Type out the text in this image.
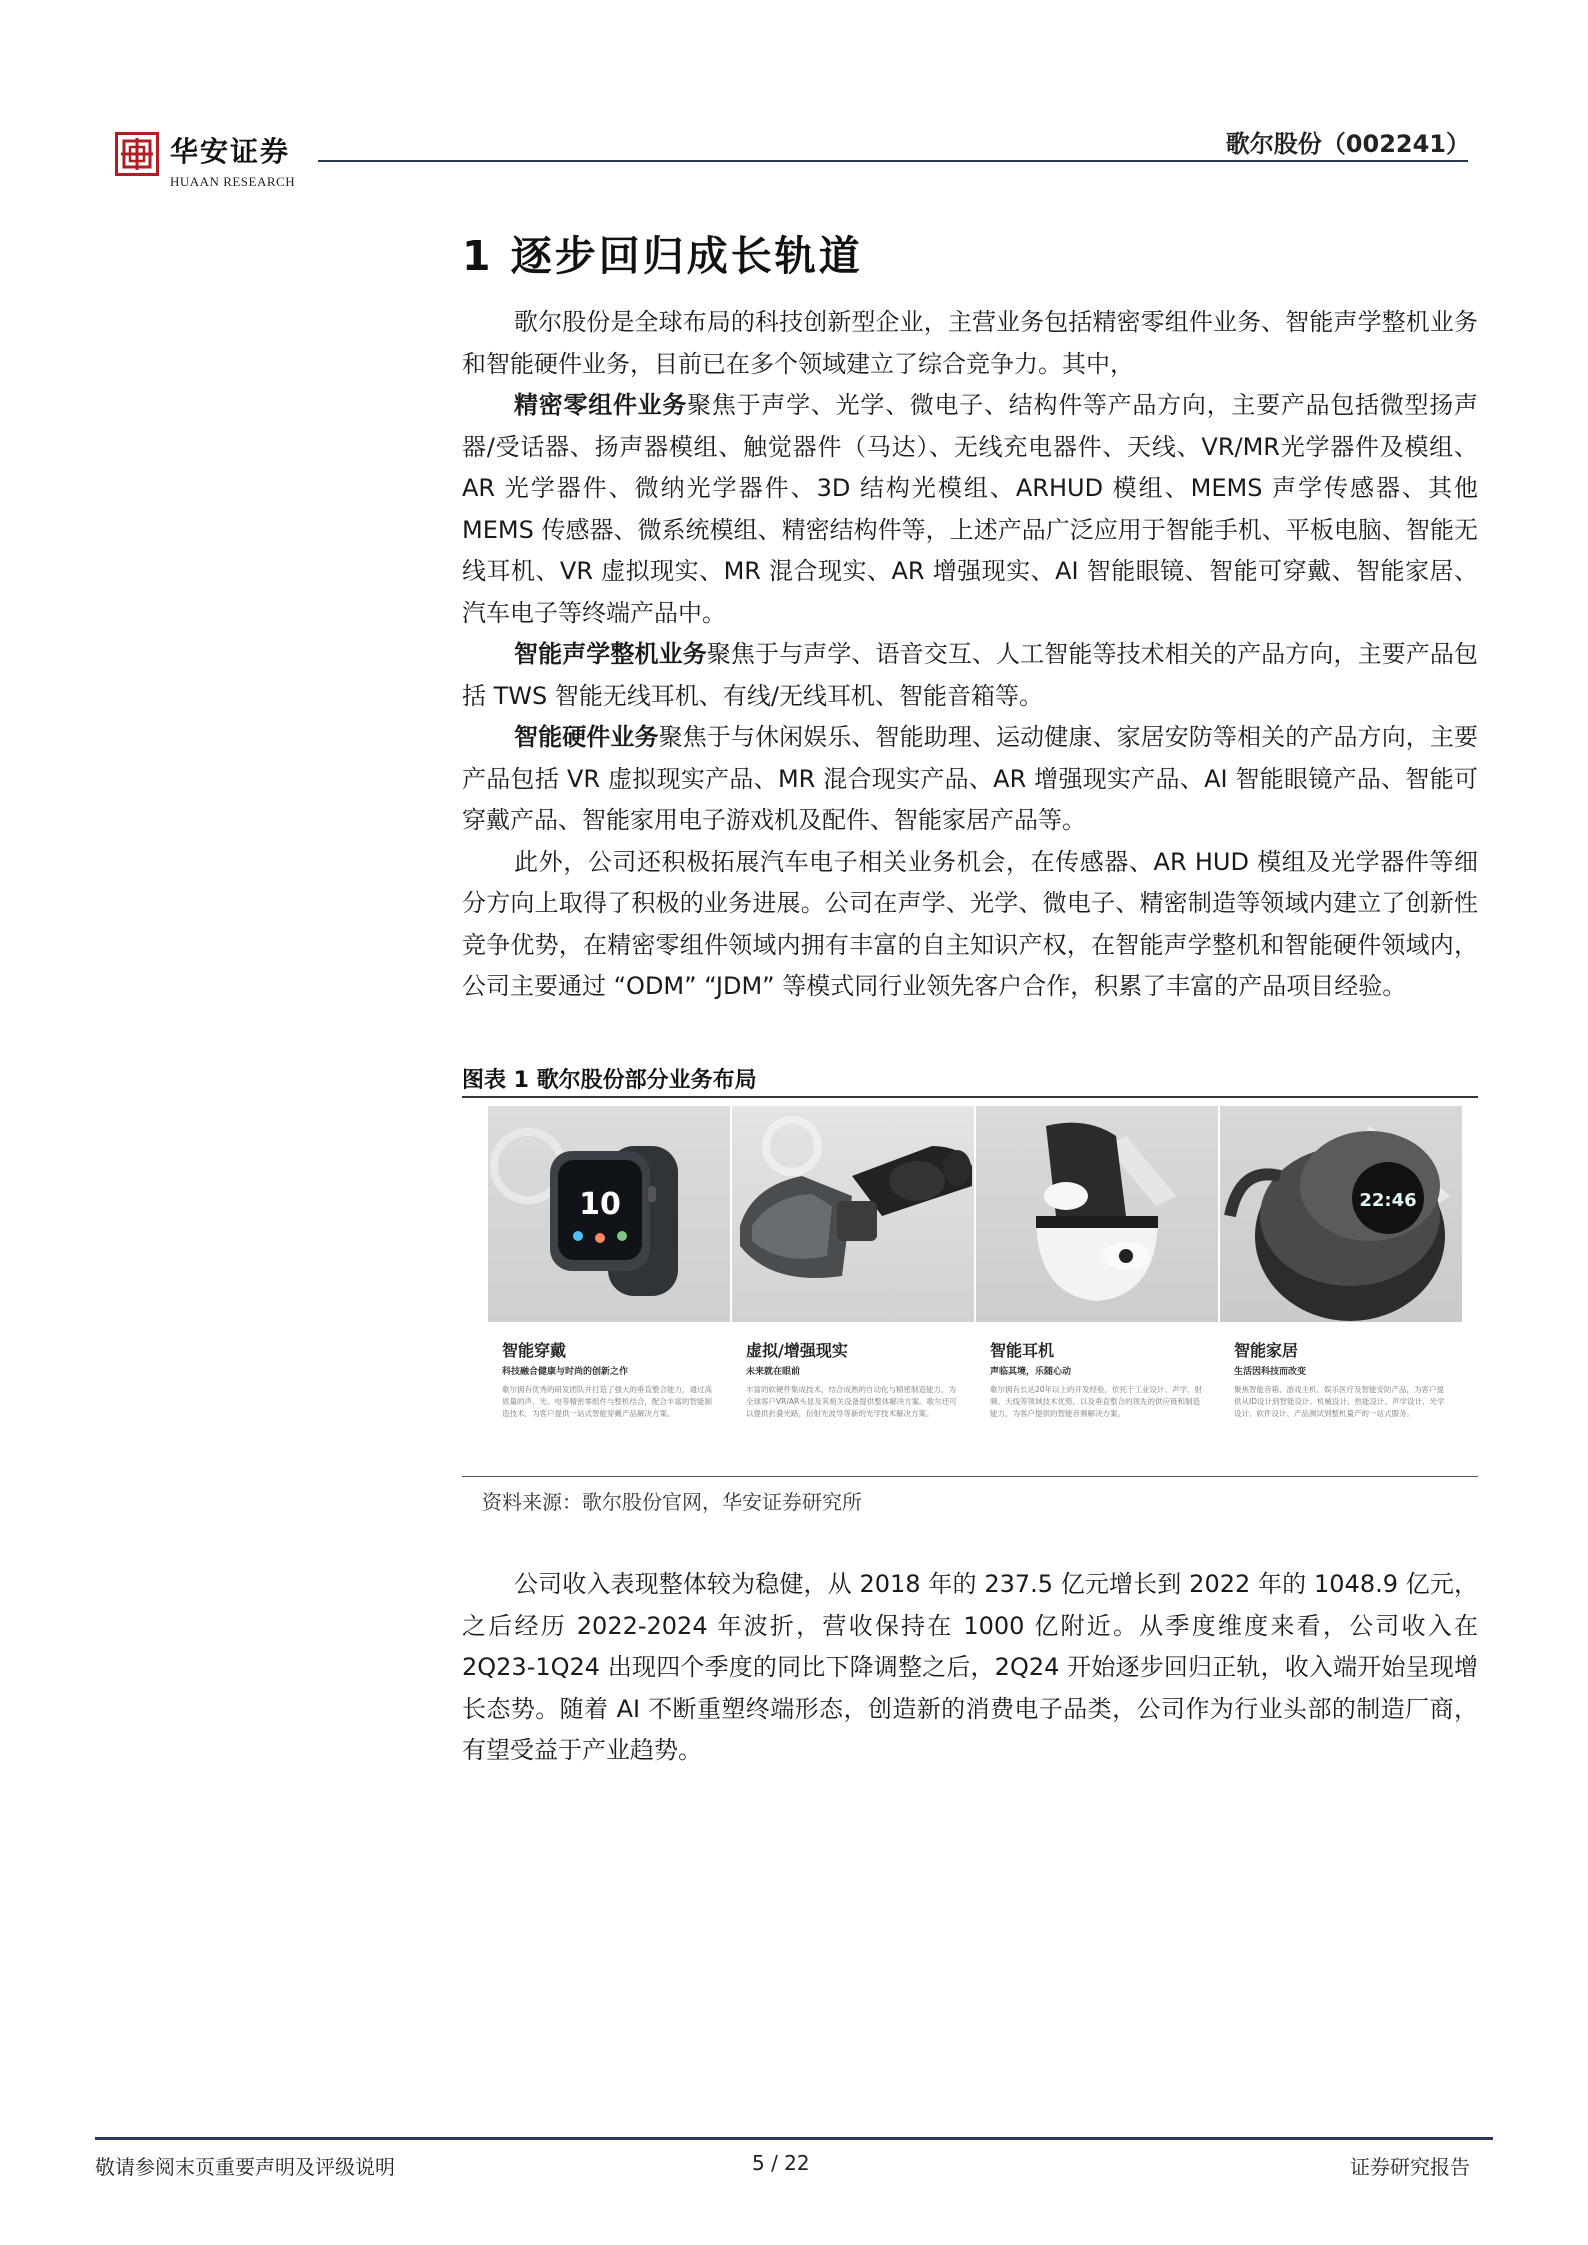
华安证券
HUAAN RESEARCH
歌尔股份（002241）
1 逐步回归成长轨道

歌尔股份是全球布局的科技创新型企业，主营业务包括精密零组件业务、智能声学整机业务和智能硬件业务，目前已在多个领域建立了综合竞争力。其中，

精密零组件业务聚焦于声学、光学、微电子、结构件等产品方向，主要产品包括微型扬声器/受话器、扬声器模组、触觉器件（马达）、无线充电器件、天线、VR/MR光学器件及模组、AR 光学器件、微纳光学器件、3D 结构光模组、ARHUD 模组、MEMS 声学传感器、其他 MEMS 传感器、微系统模组、精密结构件等，上述产品广泛应用于智能手机、平板电脑、智能无线耳机、VR 虚拟现实、MR 混合现实、AR 增强现实、AI 智能眼镜、智能可穿戴、智能家居、汽车电子等终端产品中。

智能声学整机业务聚焦于与声学、语音交互、人工智能等技术相关的产品方向，主要产品包括 TWS 智能无线耳机、有线/无线耳机、智能音箱等。

智能硬件业务聚焦于与休闲娱乐、智能助理、运动健康、家居安防等相关的产品方向，主要产品包括 VR 虚拟现实产品、MR 混合现实产品、AR 增强现实产品、AI 智能眼镜产品、智能可穿戴产品、智能家用电子游戏机及配件、智能家居产品等。

此外，公司还积极拓展汽车电子相关业务机会，在传感器、AR HUD 模组及光学器件等细分方向上取得了积极的业务进展。公司在声学、光学、微电子、精密制造等领域内建立了创新性竞争优势，在精密零组件领域内拥有丰富的自主知识产权，在智能声学整机和智能硬件领域内，公司主要通过 “ODM” “JDM” 等模式同行业领先客户合作，积累了丰富的产品项目经验。

图表 1 歌尔股份部分业务布局
10
智能穿戴
科技融合健康与时尚的创新之作
歌尔拥有优秀的研发团队并打造了强大的垂直整合能力，通过高质量的声、光、电等精密零组件与整机结合，配合丰富的智能制造技术，为客户提供一站式智能穿戴产品解决方案。
虚拟/增强现实
未来就在眼前
丰富的软硬件集成技术，结合成熟的自动化与精密制造能力，为全球客户VR/AR头显及其相关设备提供整体解决方案。歌尔还可以提供折叠光路，衍射光波导等新的光学技术解决方案。
智能耳机
声临其境，乐随心动
歌尔拥有长达20年以上的开发经验，依托于工业设计、声学、射频、天线等领域技术优势，以及垂直整合的领先的供应链和制造能力，为客户提供的智能音频解决方案。
22:46
智能家居
生活因科技而改变
聚焦智能音箱、游戏主机、娱乐医疗及智能安防产品，为客户提供从ID设计到智能设计、机械设计、热能设计、声学设计、光学设计、软件设计、产品测试到整机量产的一站式服务。
资料来源：歌尔股份官网，华安证券研究所

公司收入表现整体较为稳健，从 2018 年的 237.5 亿元增长到 2022 年的 1048.9 亿元，之后经历 2022-2024 年波折，营收保持在 1000 亿附近。从季度维度来看，公司收入在 2Q23-1Q24 出现四个季度的同比下降调整之后，2Q24 开始逐步回归正轨，收入端开始呈现增长态势。随着 AI 不断重塑终端形态，创造新的消费电子品类，公司作为行业头部的制造厂商，有望受益于产业趋势。

敬请参阅末页重要声明及评级说明	5 / 22	证券研究报告
